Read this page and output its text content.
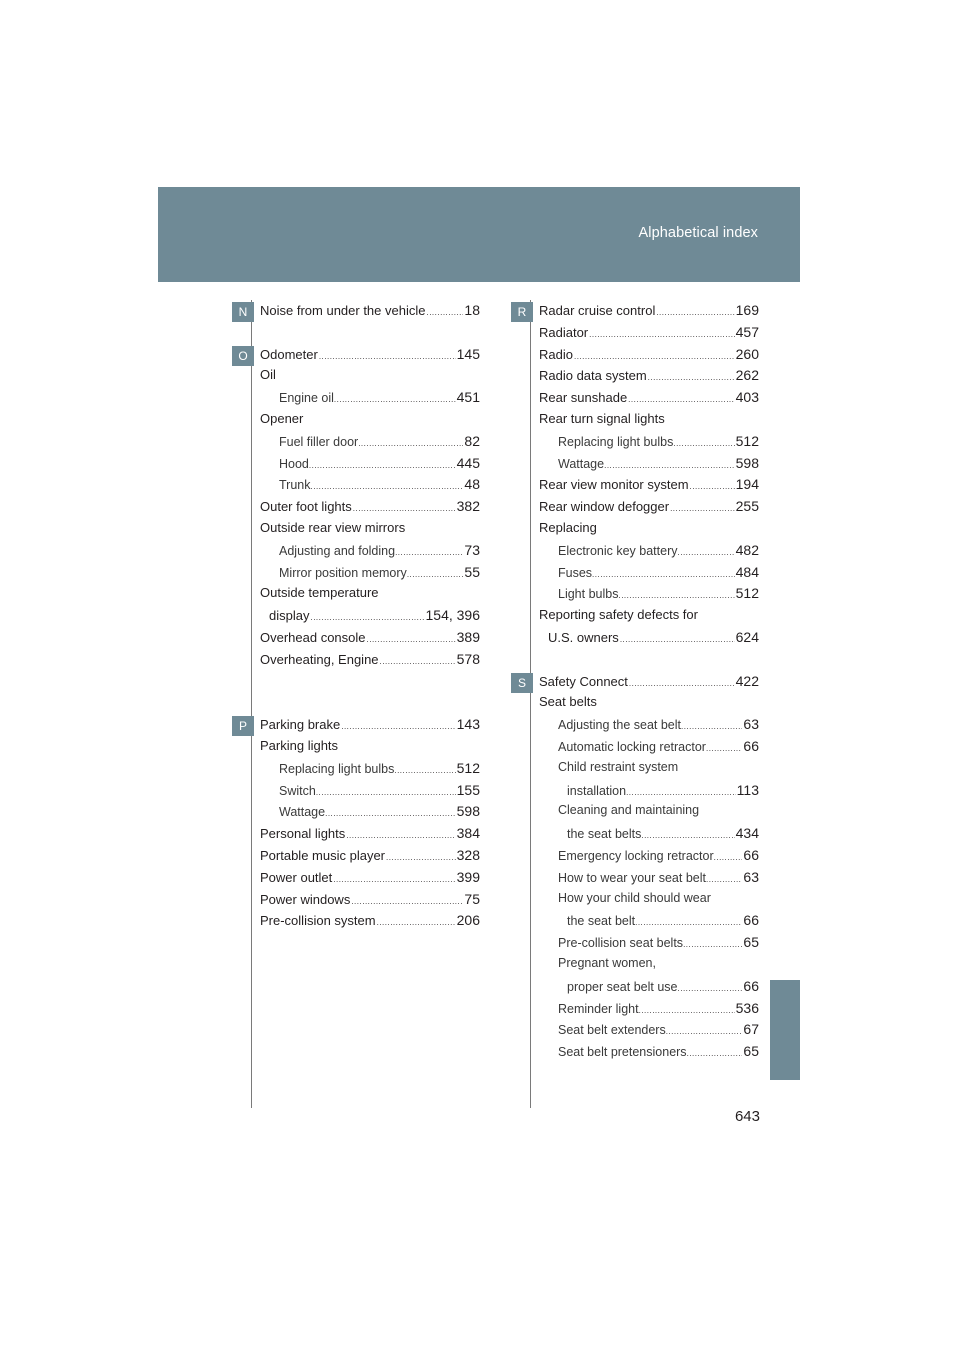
Alphabetical index
N
O
P
Noise from under the vehicle .....	18
Odometer .....	145
Oil
Engine oil .....	451
Opener
Fuel filler door .....	82
Hood .....	445
Trunk .....	48
Outer foot lights .....	382
Outside rear view mirrors
Adjusting and folding .....	73
Mirror position memory .....	55
Outside temperature
display .....	154, 396
Overhead console .....	389
Overheating, Engine .....	578
Parking brake .....	143
Parking lights
Replacing light bulbs .....	512
Switch .....	155
Wattage .....	598
Personal lights .....	384
Portable music player .....	328
Power outlet .....	399
Power windows .....	75
Pre-collision system .....	206
R
S
Radar cruise control .....	169
Radiator .....	457
Radio .....	260
Radio data system .....	262
Rear sunshade .....	403
Rear turn signal lights
Replacing light bulbs .....	512
Wattage .....	598
Rear view monitor system .....	194
Rear window defogger .....	255
Replacing
Electronic key battery .....	482
Fuses .....	484
Light bulbs .....	512
Reporting safety defects for
U.S. owners .....	624
Safety Connect .....	422
Seat belts
Adjusting the seat belt .....	63
Automatic locking retractor .....	66
Child restraint system
installation .....	113
Cleaning and maintaining
the seat belts .....	434
Emergency locking retractor ..... 66
How to wear your seat belt .....	63
How your child should wear
the seat belt .....	66
Pre-collision seat belts .....	65
Pregnant women,
proper seat belt use .....	66
Reminder light .....	536
Seat belt extenders .....	67
Seat belt pretensioners .....	65
643
